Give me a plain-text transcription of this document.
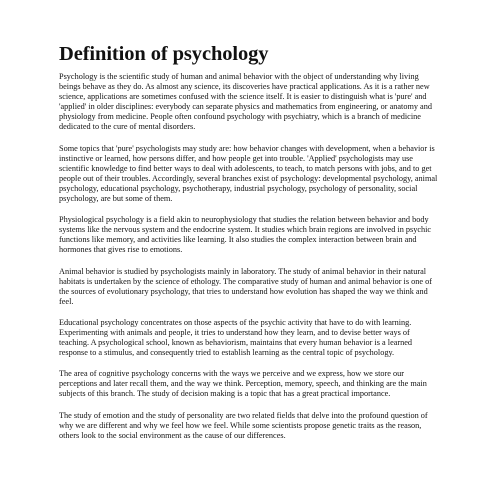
Definition of psychology

Psychology is the scientific study of human and animal behavior with the object of understanding why living beings behave as they do. As almost any science, its discoveries have practical applications. As it is a rather new science, applications are sometimes confused with the science itself. It is easier to distinguish what is 'pure' and 'applied' in older disciplines: everybody can separate physics and mathematics from engineering, or anatomy and physiology from medicine. People often confound psychology with psychiatry, which is a branch of medicine dedicated to the cure of mental disorders.

Some topics that 'pure' psychologists may study are: how behavior changes with development, when a behavior is instinctive or learned, how persons differ, and how people get into trouble. 'Applied' psychologists may use scientific knowledge to find better ways to deal with adolescents, to teach, to match persons with jobs, and to get people out of their troubles. Accordingly, several branches exist of psychology: developmental psychology, animal psychology, educational psychology, psychotherapy, industrial psychology, psychology of personality, social psychology, are but some of them.

Physiological psychology is a field akin to neurophysiology that studies the relation between behavior and body systems like the nervous system and the endocrine system. It studies which brain regions are involved in psychic functions like memory, and activities like learning. It also studies the complex interaction between brain and hormones that gives rise to emotions.

Animal behavior is studied by psychologists mainly in laboratory. The study of animal behavior in their natural habitats is undertaken by the science of ethology. The comparative study of human and animal behavior is one of the sources of evolutionary psychology, that tries to understand how evolution has shaped the way we think and feel.

Educational psychology concentrates on those aspects of the psychic activity that have to do with learning. Experimenting with animals and people, it tries to understand how they learn, and to devise better ways of teaching. A psychological school, known as behaviorism, maintains that every human behavior is a learned response to a stimulus, and consequently tried to establish learning as the central topic of psychology.

The area of cognitive psychology concerns with the ways we perceive and we express, how we store our perceptions and later recall them, and the way we think. Perception, memory, speech, and thinking are the main subjects of this branch. The study of decision making is a topic that has a great practical importance.

The study of emotion and the study of personality are two related fields that delve into the profound question of why we are different and why we feel how we feel. While some scientists propose genetic traits as the reason, others look to the social environment as the cause of our differences.
